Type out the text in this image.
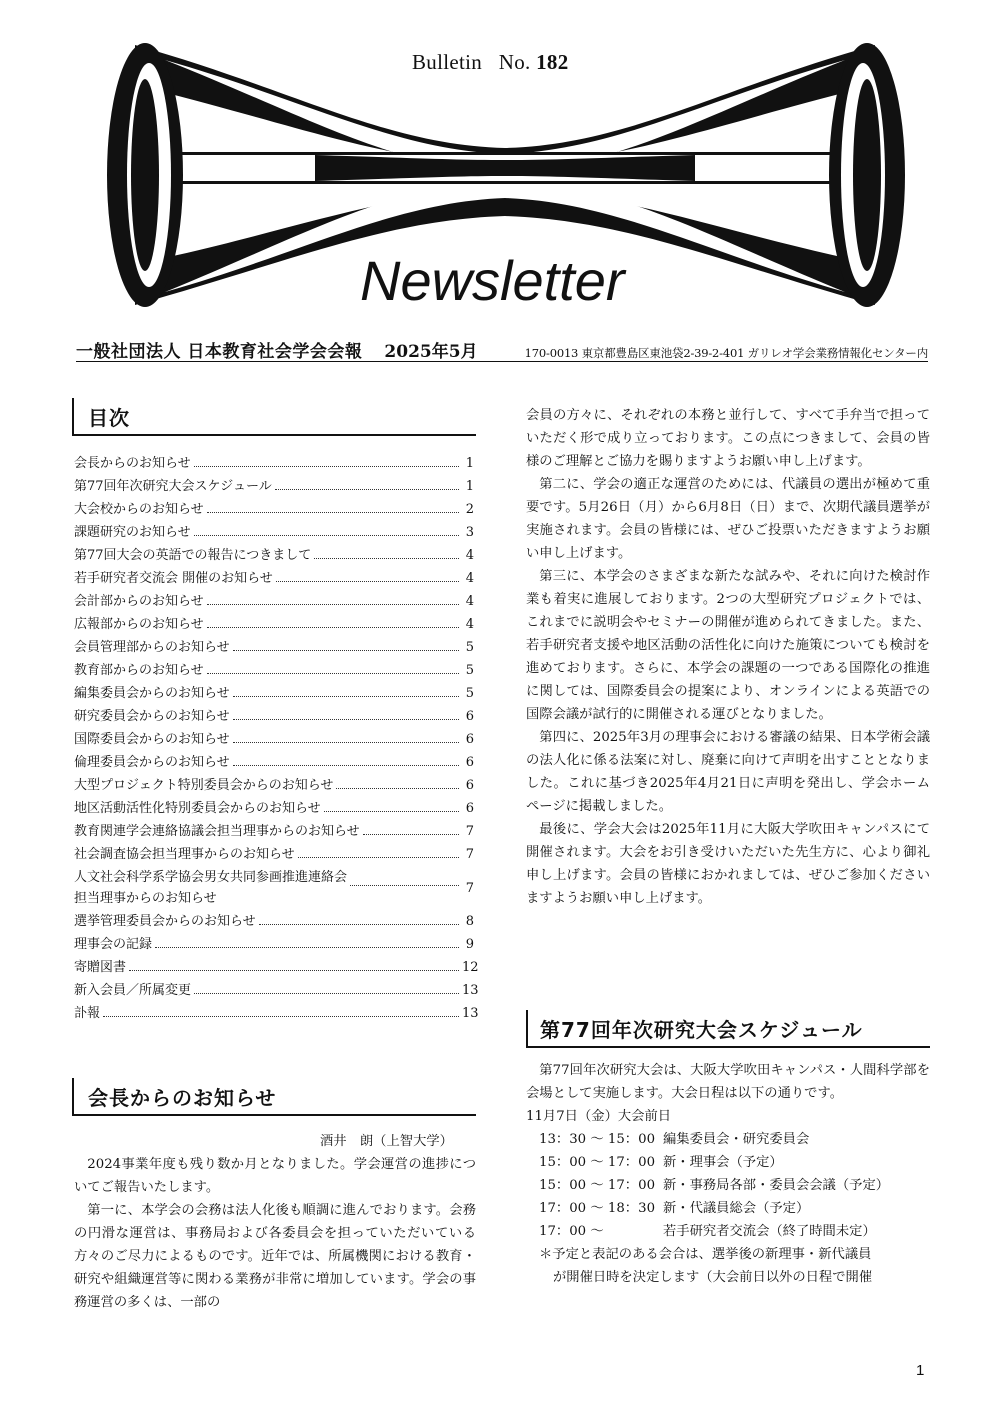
Newsletter
Bulletin No. 182
一般社団法人 日本教育社会学会会報 2025年5月	170-0013 東京都豊島区東池袋2-39-2-401 ガリレオ学会業務情報化センター内
目次
会長からのお知らせ	1
第77回年次研究大会スケジュール	1
大会校からのお知らせ	2
課題研究のお知らせ	3
第77回大会の英語での報告につきまして	4
若手研究者交流会 開催のお知らせ	4
会計部からのお知らせ	4
広報部からのお知らせ	4
会員管理部からのお知らせ	5
教育部からのお知らせ	5
編集委員会からのお知らせ	5
研究委員会からのお知らせ	6
国際委員会からのお知らせ	6
倫理委員会からのお知らせ	6
大型プロジェクト特別委員会からのお知らせ	6
地区活動活性化特別委員会からのお知らせ	6
教育関連学会連絡協議会担当理事からのお知らせ	7
社会調査協会担当理事からのお知らせ	7
人文社会科学系学協会男女共同参画推進連絡会
担当理事からのお知らせ
7
選挙管理委員会からのお知らせ	8
理事会の記録	9
寄贈図書	12
新入会員／所属変更	13
訃報	13
会長からのお知らせ
酒井　朗（上智大学）

2024事業年度も残り数か月となりました。学会運営の進捗についてご報告いたします。

第一に、本学会の会務は法人化後も順調に進んでおります。会務の円滑な運営は、事務局および各委員会を担っていただいている方々のご尽力によるものです。近年では、所属機関における教育・研究や組織運営等に関わる業務が非常に増加しています。学会の事務運営の多くは、一部の

会員の方々に、それぞれの本務と並行して、すべて手弁当で担っていただく形で成り立っております。この点につきまして、会員の皆様のご理解とご協力を賜りますようお願い申し上げます。

第二に、学会の適正な運営のためには、代議員の選出が極めて重要です。5月26日（月）から6月8日（日）まで、次期代議員選挙が実施されます。会員の皆様には、ぜひご投票いただきますようお願い申し上げます。

第三に、本学会のさまざまな新たな試みや、それに向けた検討作業も着実に進展しております。2つの大型研究プロジェクトでは、これまでに説明会やセミナーの開催が進められてきました。また、若手研究者支援や地区活動の活性化に向けた施策についても検討を進めております。さらに、本学会の課題の一つである国際化の推進に関しては、国際委員会の提案により、オンラインによる英語での国際会議が試行的に開催される運びとなりました。

第四に、2025年3月の理事会における審議の結果、日本学術会議の法人化に係る法案に対し、廃棄に向けて声明を出すこととなりました。これに基づき2025年4月21日に声明を発出し、学会ホームページに掲載しました。

最後に、学会大会は2025年11月に大阪大学吹田キャンパスにて開催されます。大会をお引き受けいただいた先生方に、心より御礼申し上げます。会員の皆様におかれましては、ぜひご参加くださいますようお願い申し上げます。

第77回年次研究大会スケジュール

第77回年次研究大会は、大阪大学吹田キャンパス・人間科学部を会場として実施します。大会日程は以下の通りです。

11月7日（金）大会前日
13：30 〜 15：00 編集委員会・研究委員会
15：00 〜 17：00 新・理事会（予定）
15：00 〜 17：00 新・事務局各部・委員会会議（予定）
17：00 〜 18：30 新・代議員総会（予定）
17：00 〜	若手研究者交流会（終了時間未定）
＊予定と表記のある会合は、選挙後の新理事・新代議員
が開催日時を決定します（大会前日以外の日程で開催
1
